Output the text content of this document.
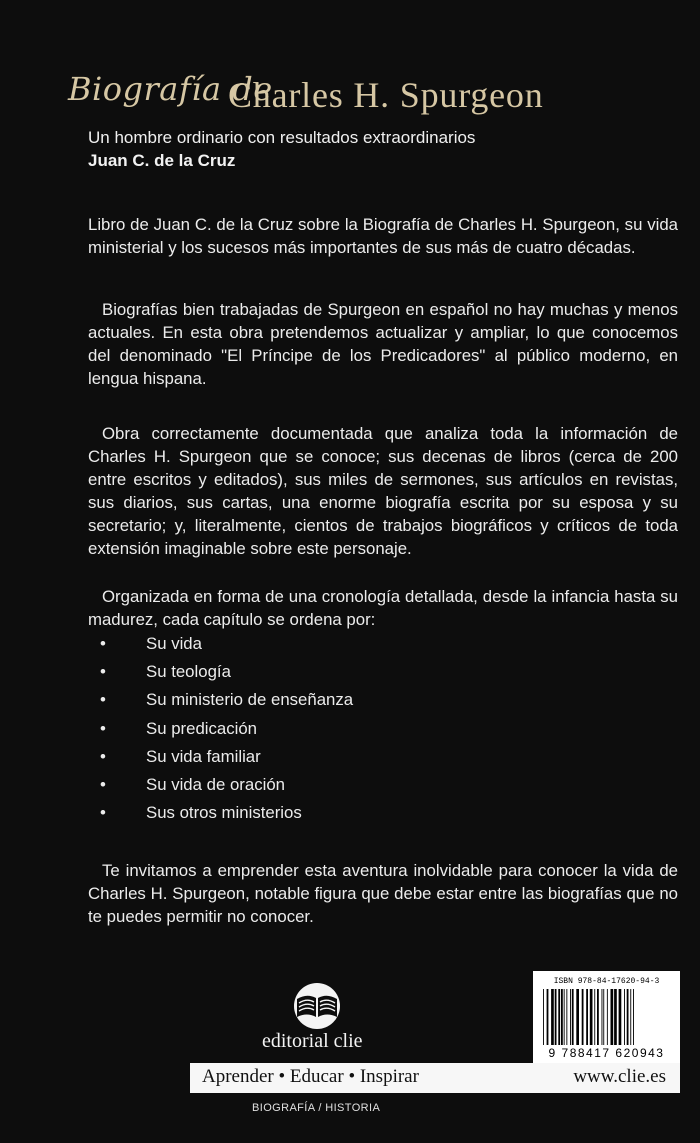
Biografía de
Charles H. Spurgeon
Un hombre ordinario con resultados extraordinarios
Juan C. de la Cruz

Libro de Juan C. de la Cruz sobre la Biografía de Charles H. Spurgeon, su vida ministerial y los sucesos más importantes de sus más de cuatro décadas.

Biografías bien trabajadas de Spurgeon en español no hay muchas y menos actuales. En esta obra pretendemos actualizar y ampliar, lo que conocemos del denominado "El Príncipe de los Predicadores" al público moderno, en lengua hispana.

Obra correctamente documentada que analiza toda la información de Charles H. Spurgeon que se conoce; sus decenas de libros (cerca de 200 entre escritos y editados), sus miles de sermones, sus artículos en revistas, sus diarios, sus cartas, una enorme biografía escrita por su esposa y su secretario; y, literalmente, cientos de trabajos biográficos y críticos de toda extensión imaginable sobre este personaje.

Organizada en forma de una cronología detallada, desde la infancia hasta su madurez, cada capítulo se ordena por:

• Su vida
• Su teología
• Su ministerio de enseñanza
• Su predicación
• Su vida familiar
• Su vida de oración
• Sus otros ministerios

Te invitamos a emprender esta aventura inolvidable para conocer la vida de Charles H. Spurgeon, notable figura que debe estar entre las biografías que no te puedes permitir no conocer.

editorial clie
ISBN 978-84-17620-94-3
9 788417 620943
Aprender • Educar • Inspirar	www.clie.es
BIOGRAFÍA / HISTORIA
